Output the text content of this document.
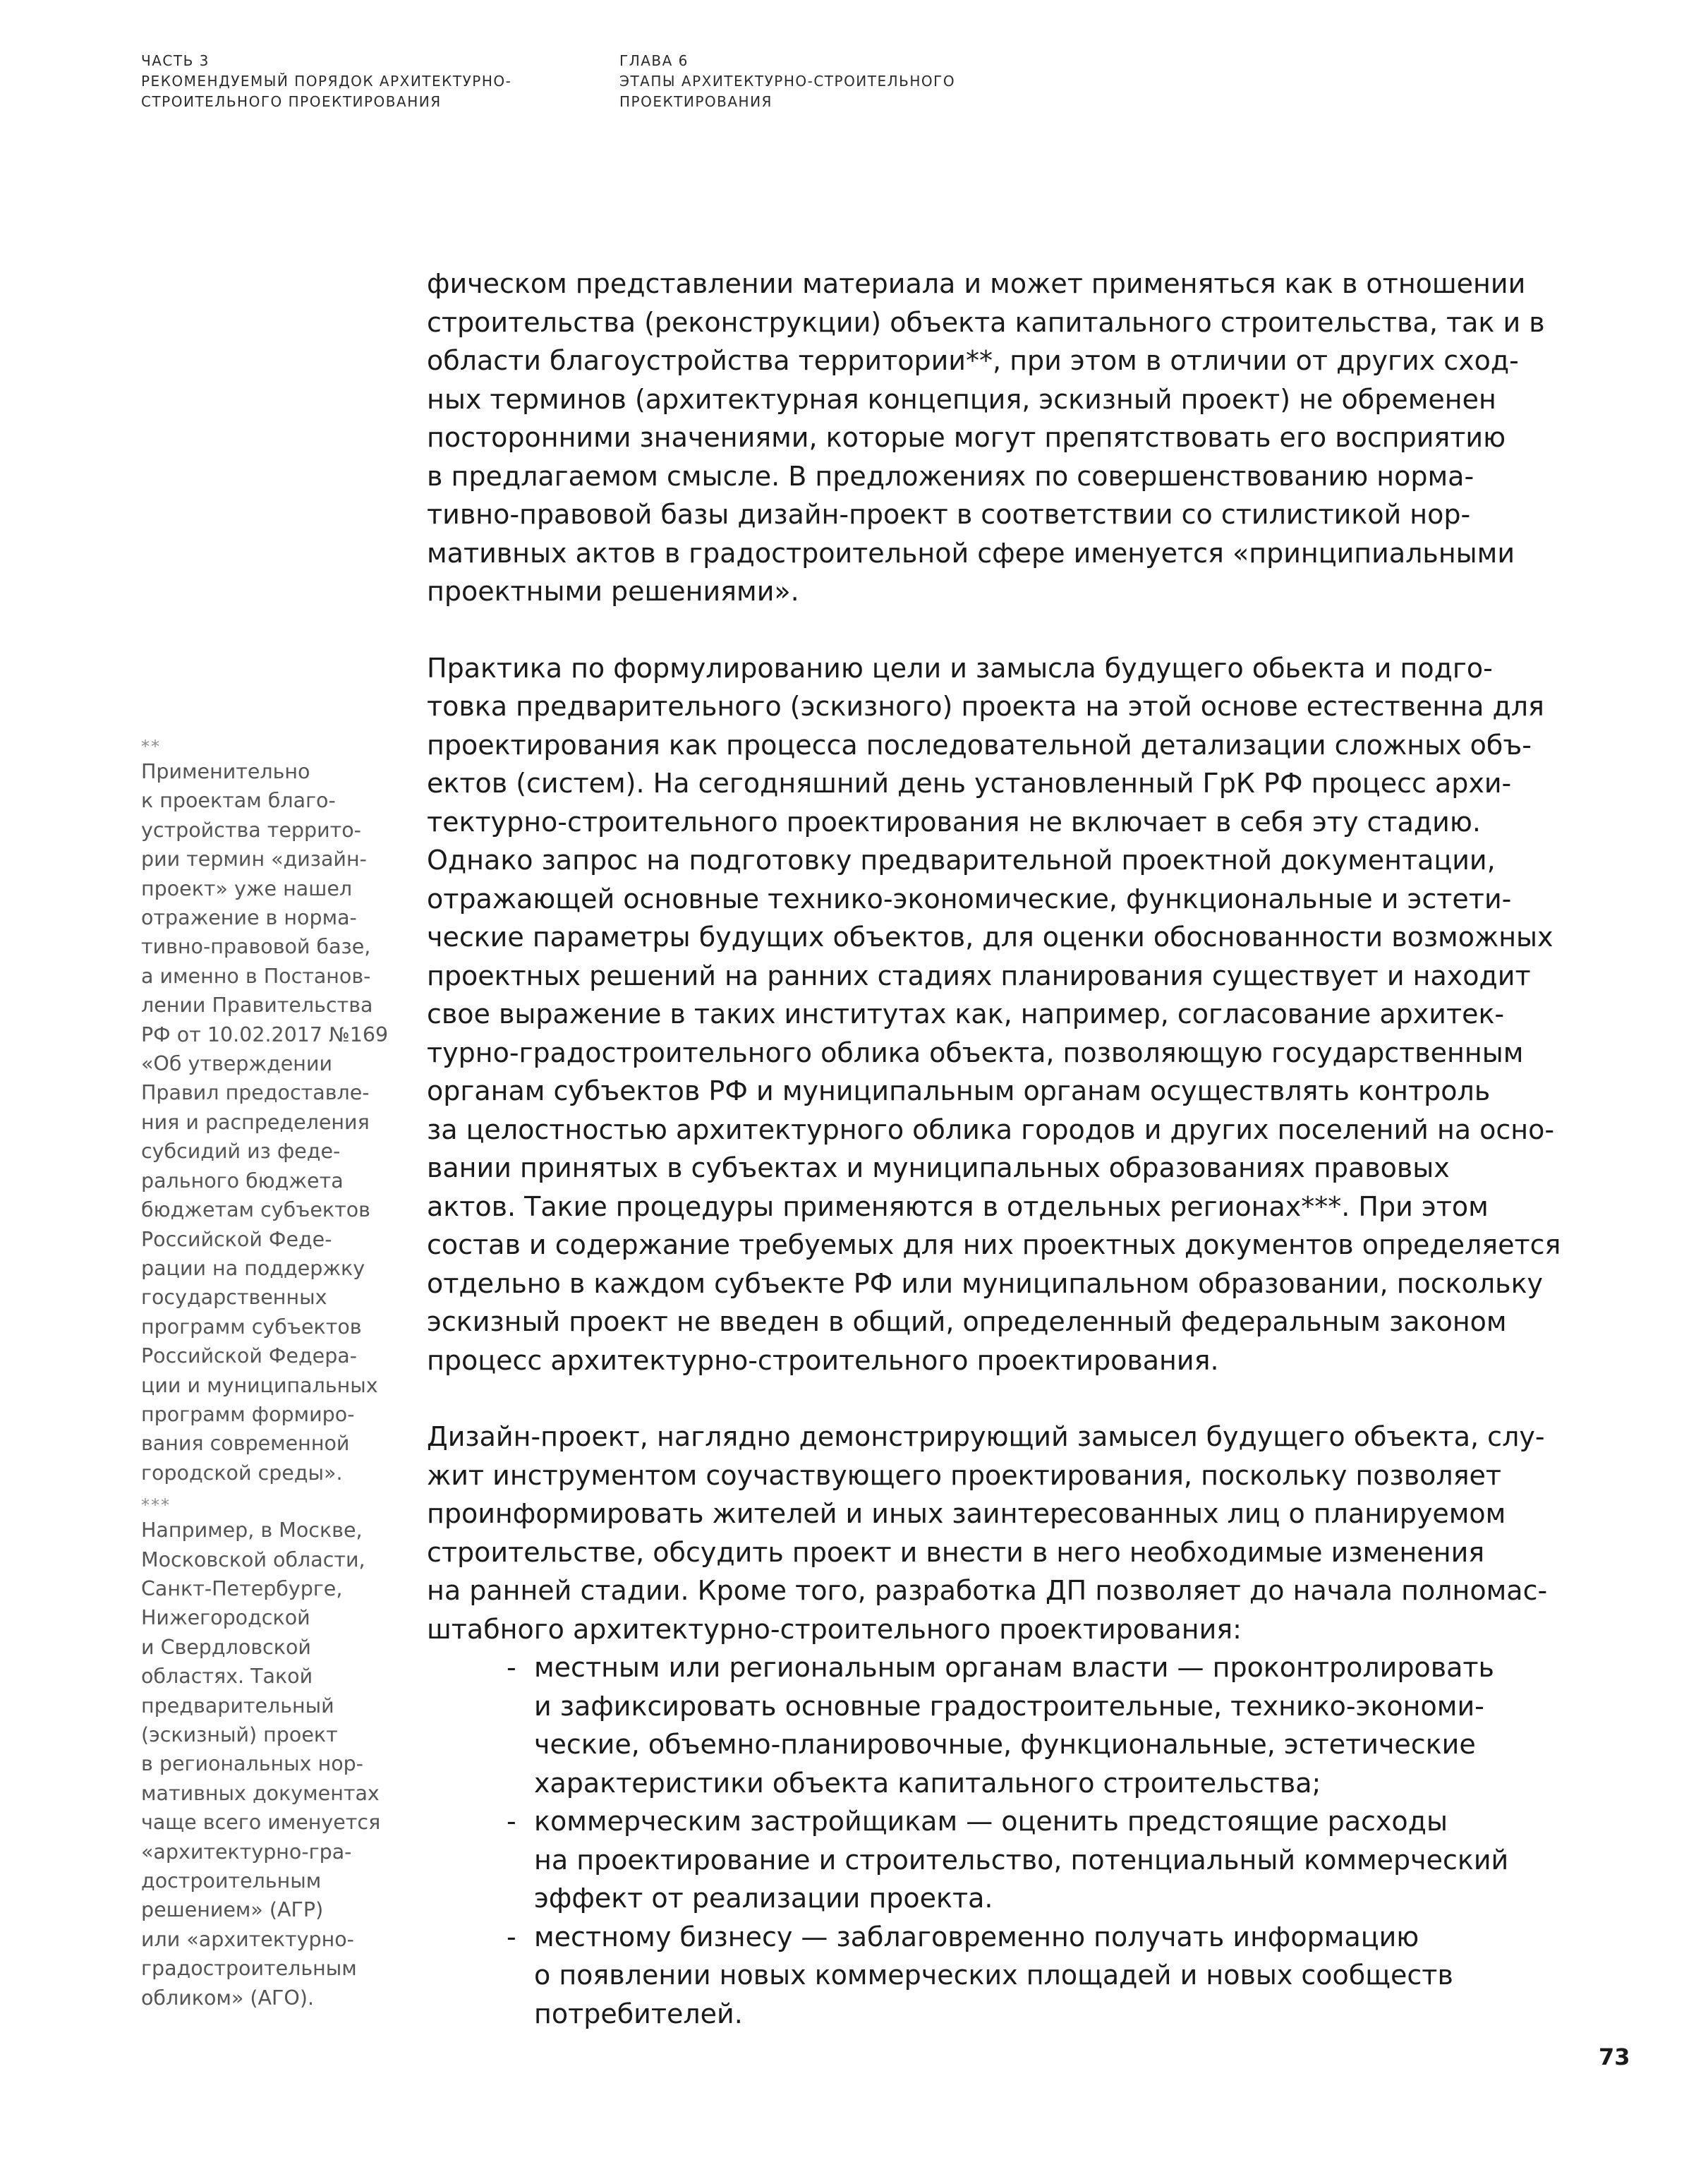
ЧАСТЬ 3
РЕКОМЕНДУЕМЫЙ ПОРЯДОК АРХИТЕКТУРНО-
СТРОИТЕЛЬНОГО ПРОЕКТИРОВАНИЯ
ГЛАВА 6
ЭТАПЫ АРХИТЕКТУРНО-СТРОИТЕЛЬНОГО
ПРОЕКТИРОВАНИЯ
**
Применительно
к проектам благо-
устройства террито-
рии термин «дизайн-
проект» уже нашел
отражение в норма-
тивно-правовой базе,
а именно в Постанов-
лении Правительства
РФ от 10.02.2017 №169
«Об утверждении
Правил предоставле-
ния и распределения
субсидий из феде-
рального бюджета
бюджетам субъектов
Российской Феде-
рации на поддержку
государственных
программ субъектов
Российской Федера-
ции и муниципальных
программ формиро-
вания современной
городской среды».
***
Например, в Москве,
Московской области,
Санкт-Петербурге,
Нижегородской
и Свердловской
областях. Такой
предварительный
(эскизный) проект
в региональных нор-
мативных документах
чаще всего именуется
«архитектурно-гра-
достроительным
решением» (АГР)
или «архитектурно-
градостроительным
обликом» (АГО).

фическом представлении материала и может применяться как в отношении
строительства (реконструкции) объекта капитального строительства, так и в
области благоустройства территории**, при этом в отличии от других сход-
ных терминов (архитектурная концепция, эскизный проект) не обременен
посторонними значениями, которые могут препятствовать его восприятию
в предлагаемом смысле. В предложениях по совершенствованию норма-
тивно-правовой базы дизайн-проект в соответствии со стилистикой нор-
мативных актов в градостроительной сфере именуется «принципиальными
проектными решениями».

Практика по формулированию цели и замысла будущего обьекта и подго-
товка предварительного (эскизного) проекта на этой основе естественна для
проектирования как процесса последовательной детализации сложных объ-
ектов (систем). На сегодняшний день установленный ГрК РФ процесс архи-
тектурно-строительного проектирования не включает в себя эту стадию.
Однако запрос на подготовку предварительной проектной документации,
отражающей основные технико-экономические, функциональные и эстети-
ческие параметры будущих объектов, для оценки обоснованности возможных
проектных решений на ранних стадиях планирования существует и находит
свое выражение в таких институтах как, например, согласование архитек-
турно-градостроительного облика объекта, позволяющую государственным
органам субъектов РФ и муниципальным органам осуществлять контроль
за целостностью архитектурного облика городов и других поселений на осно-
вании принятых в субъектах и муниципальных образованиях правовых
актов. Такие процедуры применяются в отдельных регионах***. При этом
состав и содержание требуемых для них проектных документов определяется
отдельно в каждом субъекте РФ или муниципальном образовании, поскольку
эскизный проект не введен в общий, определенный федеральным законом
процесс архитектурно-строительного проектирования.

Дизайн-проект, наглядно демонстрирующий замысел будущего объекта, слу-
жит инструментом соучаствующего проектирования, поскольку позволяет
проинформировать жителей и иных заинтересованных лиц о планируемом
строительстве, обсудить проект и внести в него необходимые изменения
на ранней стадии. Кроме того, разработка ДП позволяет до начала полномас-
штабного архитектурно-строительного проектирования:
- местным или региональным органам власти — проконтролировать
и зафиксировать основные градостроительные, технико-экономи-
ческие, объемно-планировочные, функциональные, эстетические
характеристики объекта капитального строительства;
- коммерческим застройщикам — оценить предстоящие расходы
на проектирование и строительство, потенциальный коммерческий
эффект от реализации проекта.
- местному бизнесу — заблаговременно получать информацию
о появлении новых коммерческих площадей и новых сообществ
потребителей.
73
